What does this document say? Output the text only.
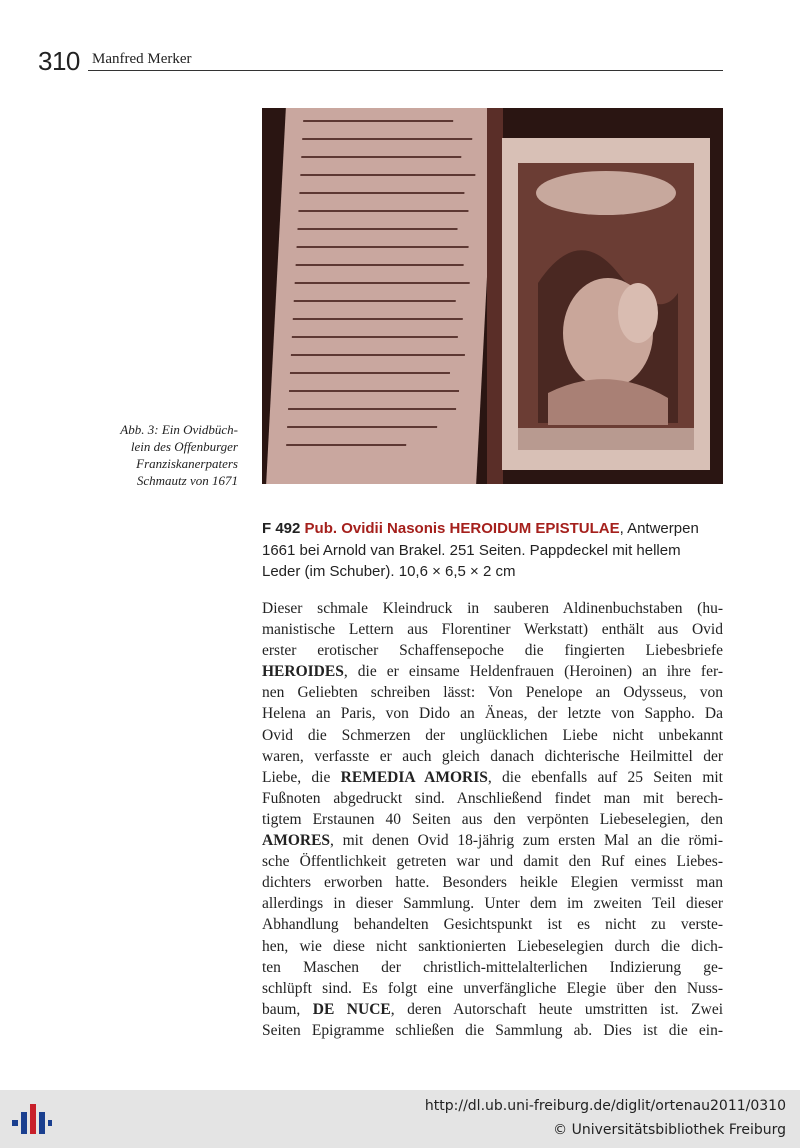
310 Manfred Merker
Abb. 3: Ein Ovidbüch-
lein des Offenburger
Franziskanerpaters
Schmautz von 1671
F 492 Pub. Ovidii Nasonis HEROIDUM EPISTULAE, Antwerpen
1661 bei Arnold van Brakel. 251 Seiten. Pappdeckel mit hellem
Leder (im Schuber). 10,6 × 6,5 × 2 cm
Dieser schmale Kleindruck in sauberen Aldinenbuchstaben (hu-
manistische Lettern aus Florentiner Werkstatt) enthält aus Ovid
erster erotischer Schaffensepoche die fingierten Liebesbriefe
HEROIDES, die er einsame Heldenfrauen (Heroinen) an ihre fer-
nen Geliebten schreiben lässt: Von Penelope an Odysseus, von
Helena an Paris, von Dido an Äneas, der letzte von Sappho. Da
Ovid die Schmerzen der unglücklichen Liebe nicht unbekannt
waren, verfasste er auch gleich danach dichterische Heilmittel der
Liebe, die REMEDIA AMORIS, die ebenfalls auf 25 Seiten mit
Fußnoten abgedruckt sind. Anschließend findet man mit berech-
tigtem Erstaunen 40 Seiten aus den verpönten Liebeselegien, den
AMORES, mit denen Ovid 18-jährig zum ersten Mal an die römi-
sche Öffentlichkeit getreten war und damit den Ruf eines Liebes-
dichters erworben hatte. Besonders heikle Elegien vermisst man
allerdings in dieser Sammlung. Unter dem im zweiten Teil dieser
Abhandlung behandelten Gesichtspunkt ist es nicht zu verste-
hen, wie diese nicht sanktionierten Liebeselegien durch die dich-
ten Maschen der christlich-mittelalterlichen Indizierung ge-
schlüpft sind. Es folgt eine unverfängliche Elegie über den Nuss-
baum, DE NUCE, deren Autorschaft heute umstritten ist. Zwei
Seiten Epigramme schließen die Sammlung ab. Dies ist die ein-
http://dl.ub.uni-freiburg.de/diglit/ortenau2011/0310
© Universitätsbibliothek Freiburg
